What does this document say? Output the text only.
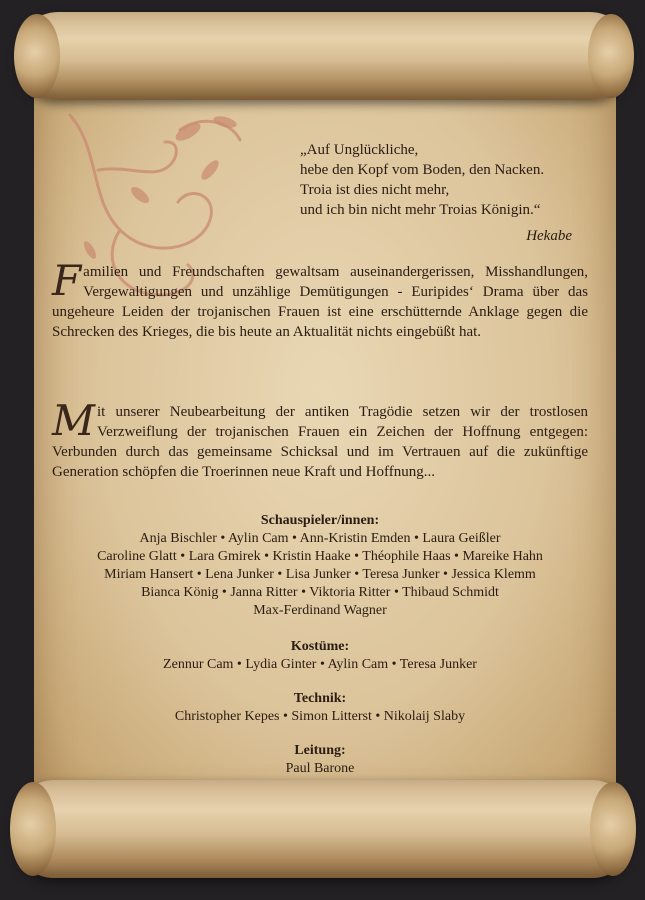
„Auf Unglückliche,
hebe den Kopf vom Boden, den Nacken.
Troia ist dies nicht mehr,
und ich bin nicht mehr Troias Königin.“
Hekabe
Familien und Freundschaften gewaltsam auseinandergerissen, Misshandlungen, Vergewaltigungen und unzählige Demütigungen - Euripides‘ Drama über das ungeheure Leiden der trojanischen Frauen ist eine erschütternde Anklage gegen die Schrecken des Krieges, die bis heute an Aktualität nichts eingebüßt hat.
Mit unserer Neubearbeitung der antiken Tragödie setzen wir der trostlosen Verzweiflung der trojanischen Frauen ein Zeichen der Hoffnung entgegen: Verbunden durch das gemeinsame Schicksal und im Vertrauen auf die zukünftige Generation schöpfen die Troerinnen neue Kraft und Hoffnung...
Schauspieler/innen:
Anja Bischler • Aylin Cam • Ann-Kristin Emden • Laura Geißler
Caroline Glatt • Lara Gmirek • Kristin Haake • Théophile Haas • Mareike Hahn
Miriam Hansert • Lena Junker • Lisa Junker • Teresa Junker • Jessica Klemm
Bianca König • Janna Ritter • Viktoria Ritter • Thibaud Schmidt
Max-Ferdinand Wagner
Kostüme:
Zennur Cam • Lydia Ginter • Aylin Cam • Teresa Junker
Technik:
Christopher Kepes • Simon Litterst • Nikolaij Slaby
Leitung:
Paul Barone
